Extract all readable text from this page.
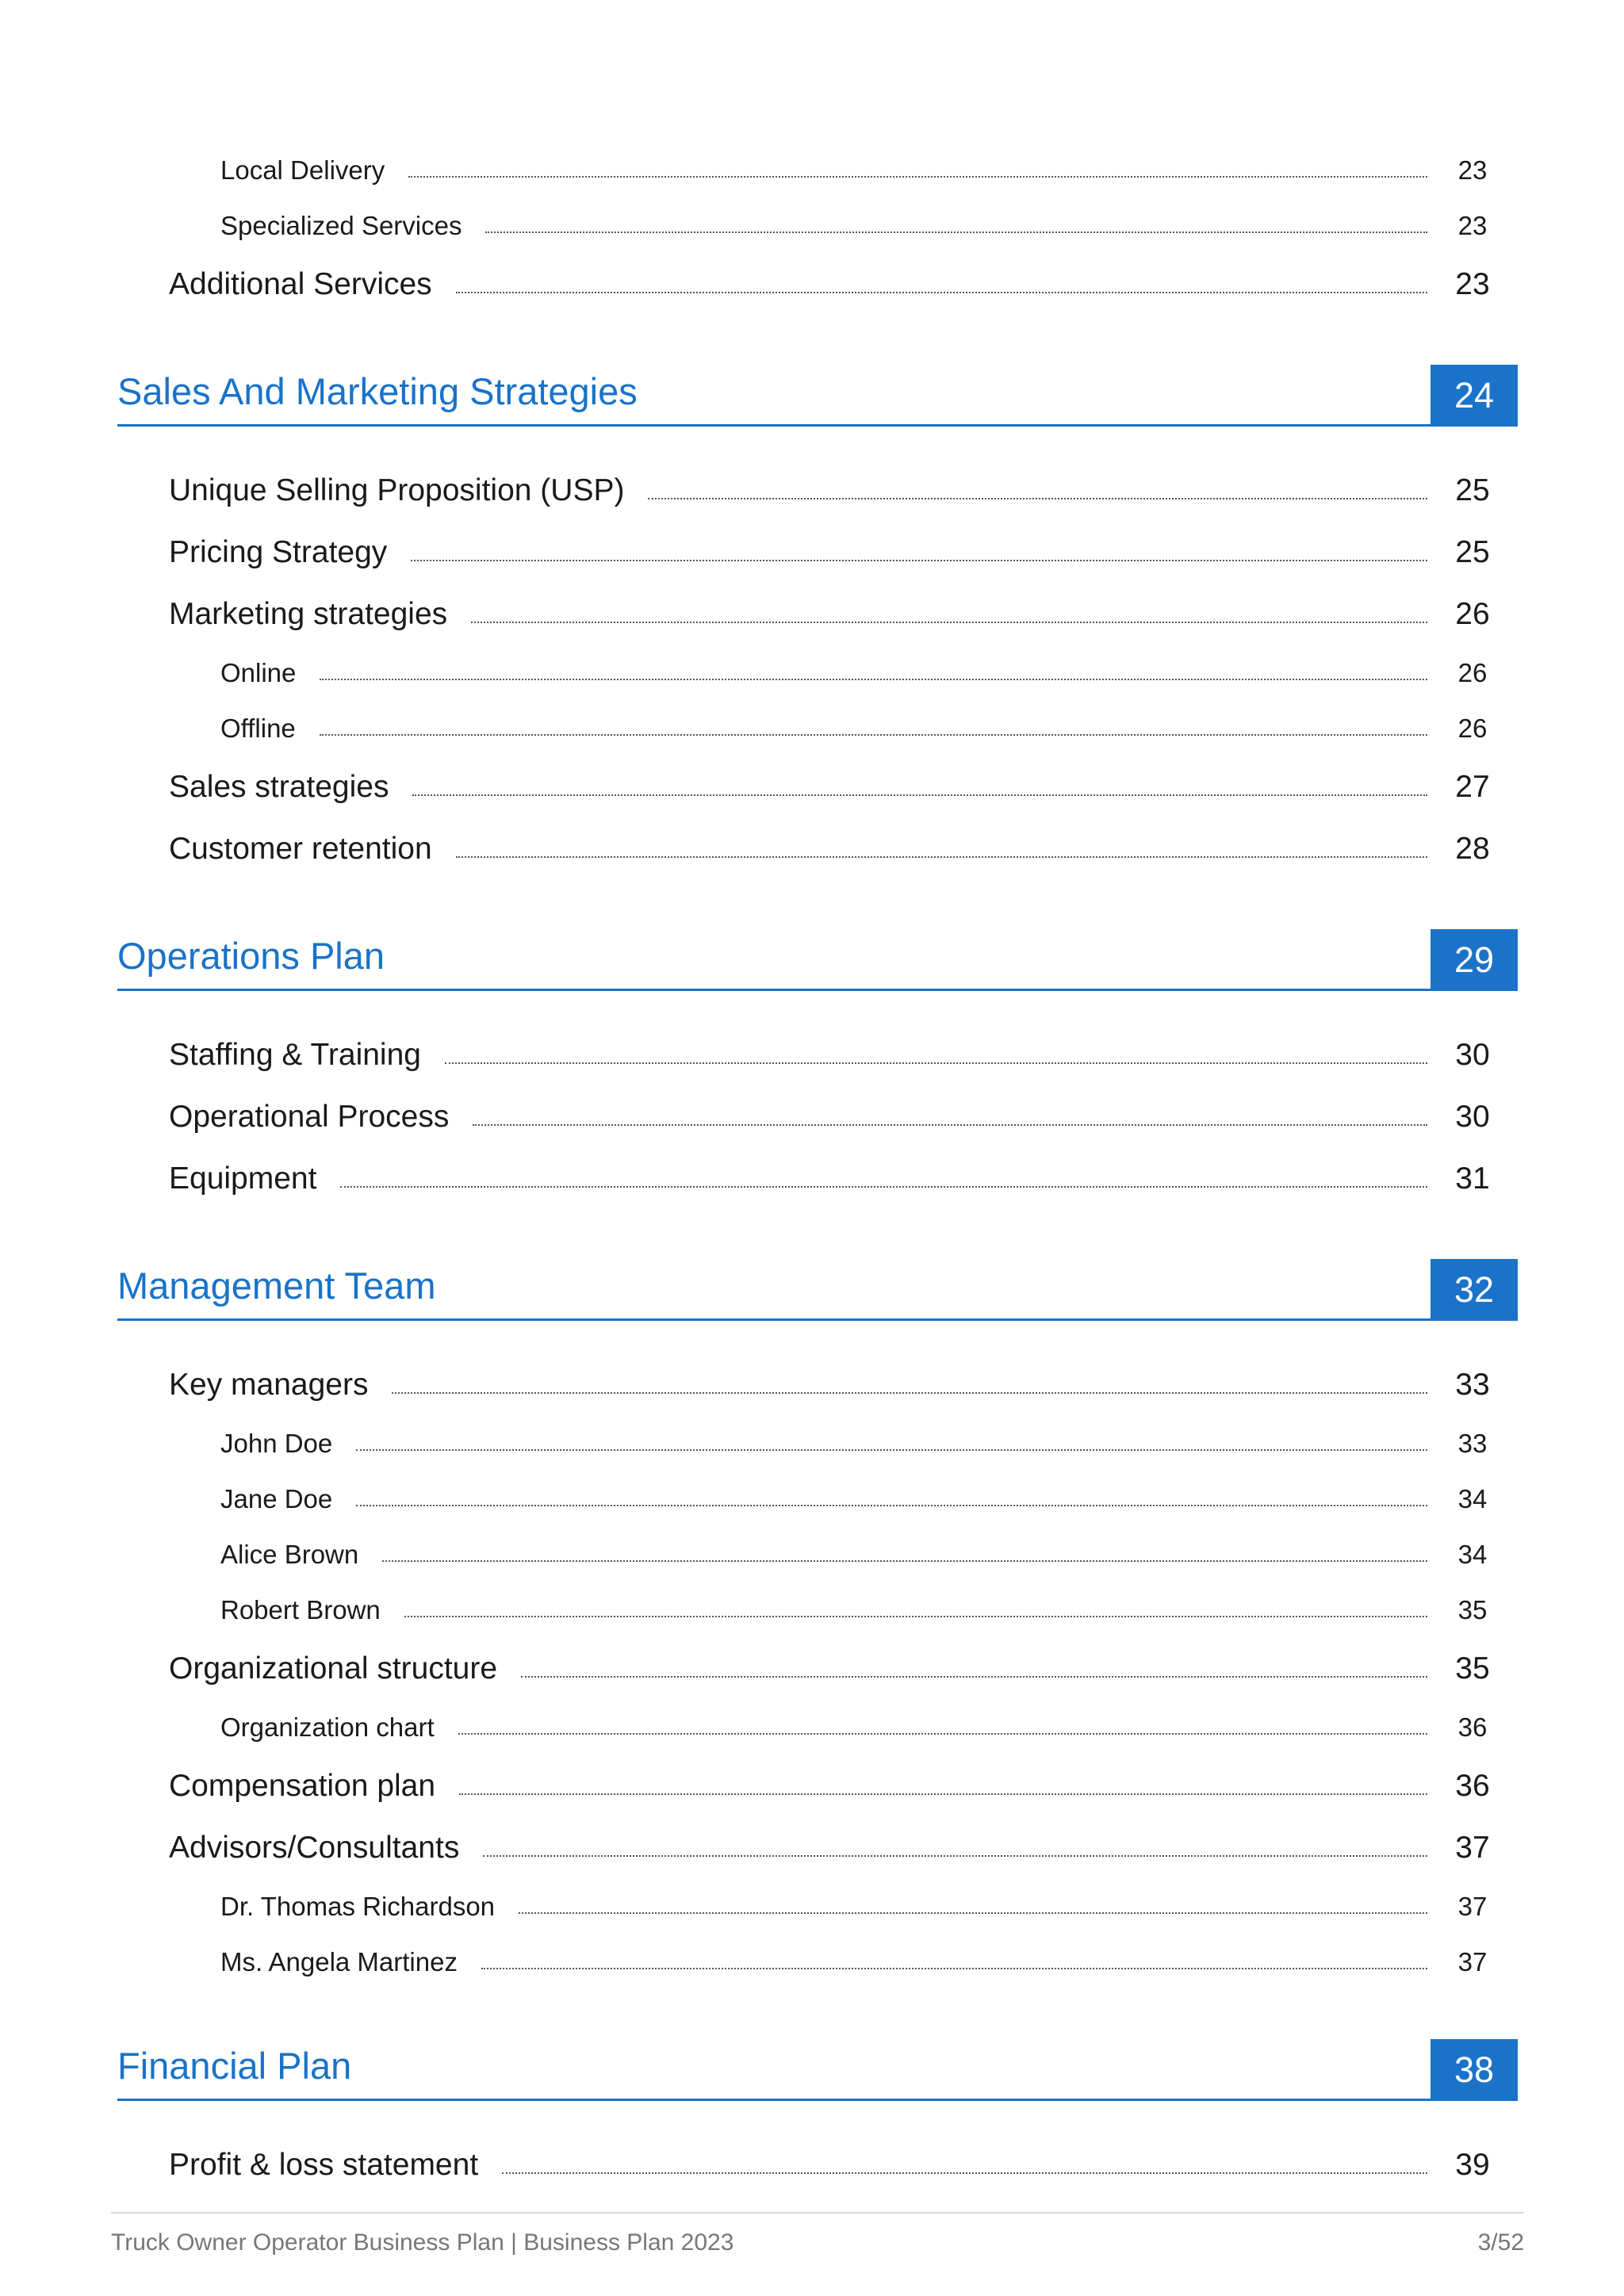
Local Delivery	23
Specialized Services	23
Additional Services	23
Sales And Marketing Strategies	24
Unique Selling Proposition (USP)	25
Pricing Strategy	25
Marketing strategies	26
Online	26
Offline	26
Sales strategies	27
Customer retention	28
Operations Plan	29
Staffing & Training	30
Operational Process	30
Equipment	31
Management Team	32
Key managers	33
John Doe	33
Jane Doe	34
Alice Brown	34
Robert Brown	35
Organizational structure	35
Organization chart	36
Compensation plan	36
Advisors/Consultants	37
Dr. Thomas Richardson	37
Ms. Angela Martinez	37
Financial Plan	38
Profit & loss statement	39
Truck Owner Operator Business Plan | Business Plan 2023	3/52
